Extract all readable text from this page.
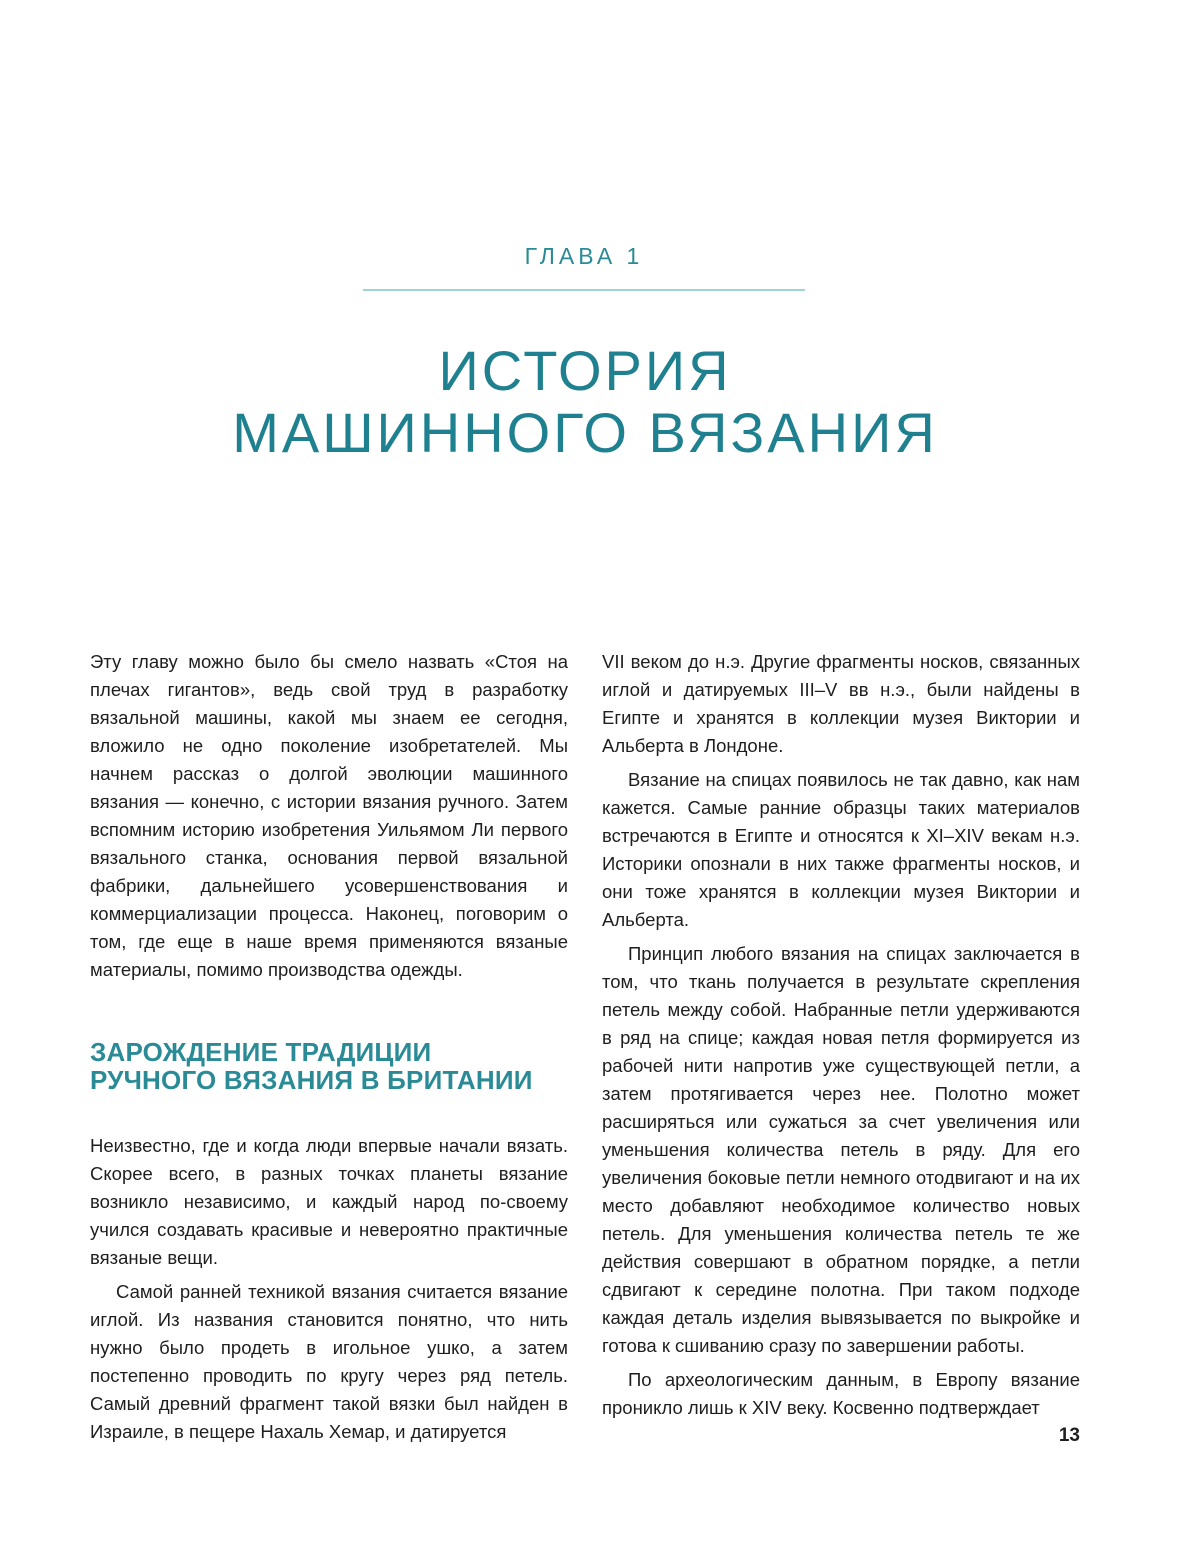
ГЛАВА 1
ИСТОРИЯ
МАШИННОГО ВЯЗАНИЯ

Эту главу можно было бы смело назвать «Стоя на плечах гигантов», ведь свой труд в разработку вязальной машины, какой мы знаем ее сегодня, вложило не одно поколение изобретателей. Мы начнем рассказ о долгой эволюции машинного вязания — конечно, с истории вязания ручного. Затем вспомним историю изобретения Уильямом Ли первого вязального станка, основания первой вязальной фабрики, дальнейшего усовершенствования и коммерциализации процесса. Наконец, поговорим о том, где еще в наше время применяются вязаные материалы, помимо производства одежды.

ЗАРОЖДЕНИЕ ТРАДИЦИИ
РУЧНОГО ВЯЗАНИЯ В БРИТАНИИ

Неизвестно, где и когда люди впервые начали вязать. Скорее всего, в разных точках планеты вязание возникло независимо, и каждый народ по-своему учился создавать красивые и невероятно практичные вязаные вещи.

Самой ранней техникой вязания считается вязание иглой. Из названия становится понятно, что нить нужно было продеть в игольное ушко, а затем постепенно проводить по кругу через ряд петель. Самый древний фрагмент такой вязки был найден в Израиле, в пещере Нахаль Хемар, и датируется

VII веком до н.э. Другие фрагменты носков, связанных иглой и датируемых III–V вв н.э., были найдены в Египте и хранятся в коллекции музея Виктории и Альберта в Лондоне.

Вязание на спицах появилось не так давно, как нам кажется. Самые ранние образцы таких материалов встречаются в Египте и относятся к XI–XIV векам н.э. Историки опознали в них также фрагменты носков, и они тоже хранятся в коллекции музея Виктории и Альберта.

Принцип любого вязания на спицах заключается в том, что ткань получается в результате скрепления петель между собой. Набранные петли удерживаются в ряд на спице; каждая новая петля формируется из рабочей нити напротив уже существующей петли, а затем протягивается через нее. Полотно может расширяться или сужаться за счет увеличения или уменьшения количества петель в ряду. Для его увеличения боковые петли немного отодвигают и на их место добавляют необходимое количество новых петель. Для уменьшения количества петель те же действия совершают в обратном порядке, а петли сдвигают к середине полотна. При таком подходе каждая деталь изделия вывязывается по выкройке и готова к сшиванию сразу по завершении работы.

По археологическим данным, в Европу вязание проникло лишь к XIV веку. Косвенно подтверждает

13
